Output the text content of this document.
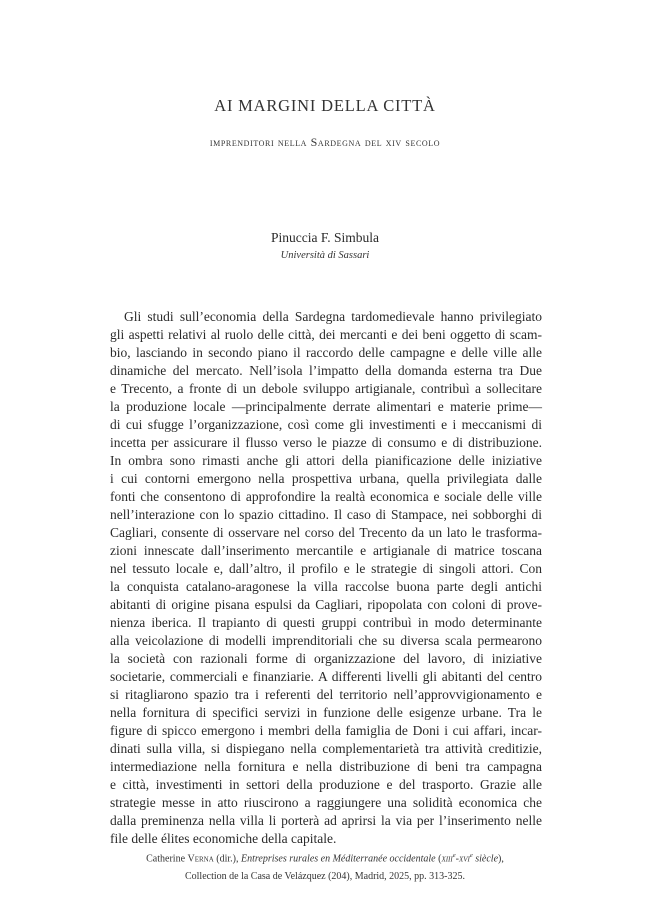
AI MARGINI DELLA CITTÀ
imprenditori nella Sardegna del xiv secolo
Pinuccia F. Simbula
Università di Sassari
Gli studi sull’economia della Sardegna tardomedievale hanno privilegiato
gli aspetti relativi al ruolo delle città, dei mercanti e dei beni oggetto di scam-
bio, lasciando in secondo piano il raccordo delle campagne e delle ville alle
dinamiche del mercato. Nell’isola l’impatto della domanda esterna tra Due
e Trecento, a fronte di un debole sviluppo artigianale, contribuì a sollecitare
la produzione locale —principalmente derrate alimentari e materie prime—
di cui sfugge l’organizzazione, così come gli investimenti e i meccanismi di
incetta per assicurare il flusso verso le piazze di consumo e di distribuzione.
In ombra sono rimasti anche gli attori della pianificazione delle iniziative
i cui contorni emergono nella prospettiva urbana, quella privilegiata dalle
fonti che consentono di approfondire la realtà economica e sociale delle ville
nell’interazione con lo spazio cittadino. Il caso di Stampace, nei sobborghi di
Cagliari, consente di osservare nel corso del Trecento da un lato le trasforma-
zioni innescate dall’inserimento mercantile e artigianale di matrice toscana
nel tessuto locale e, dall’altro, il profilo e le strategie di singoli attori. Con
la conquista catalano-aragonese la villa raccolse buona parte degli antichi
abitanti di origine pisana espulsi da Cagliari, ripopolata con coloni di prove-
nienza iberica. Il trapianto di questi gruppi contribuì in modo determinante
alla veicolazione di modelli imprenditoriali che su diversa scala permearono
la società con razionali forme di organizzazione del lavoro, di iniziative
societarie, commerciali e finanziarie. A differenti livelli gli abitanti del centro
si ritagliarono spazio tra i referenti del territorio nell’approvvigionamento e
nella fornitura di specifici servizi in funzione delle esigenze urbane. Tra le
figure di spicco emergono i membri della famiglia de Doni i cui affari, incar-
dinati sulla villa, si dispiegano nella complementarietà tra attività creditizie,
intermediazione nella fornitura e nella distribuzione di beni tra campagna
e città, investimenti in settori della produzione e del trasporto. Grazie alle
strategie messe in atto riuscirono a raggiungere una solidità economica che
dalla preminenza nella villa li porterà ad aprirsi la via per l’inserimento nelle
file delle élites economiche della capitale.
Catherine Verna (dir.), Entreprises rurales en Méditerranée occidentale (xiii$^e$-xvi$^e$ siècle),
Collection de la Casa de Velázquez (204), Madrid, 2025, pp. 313-325.
